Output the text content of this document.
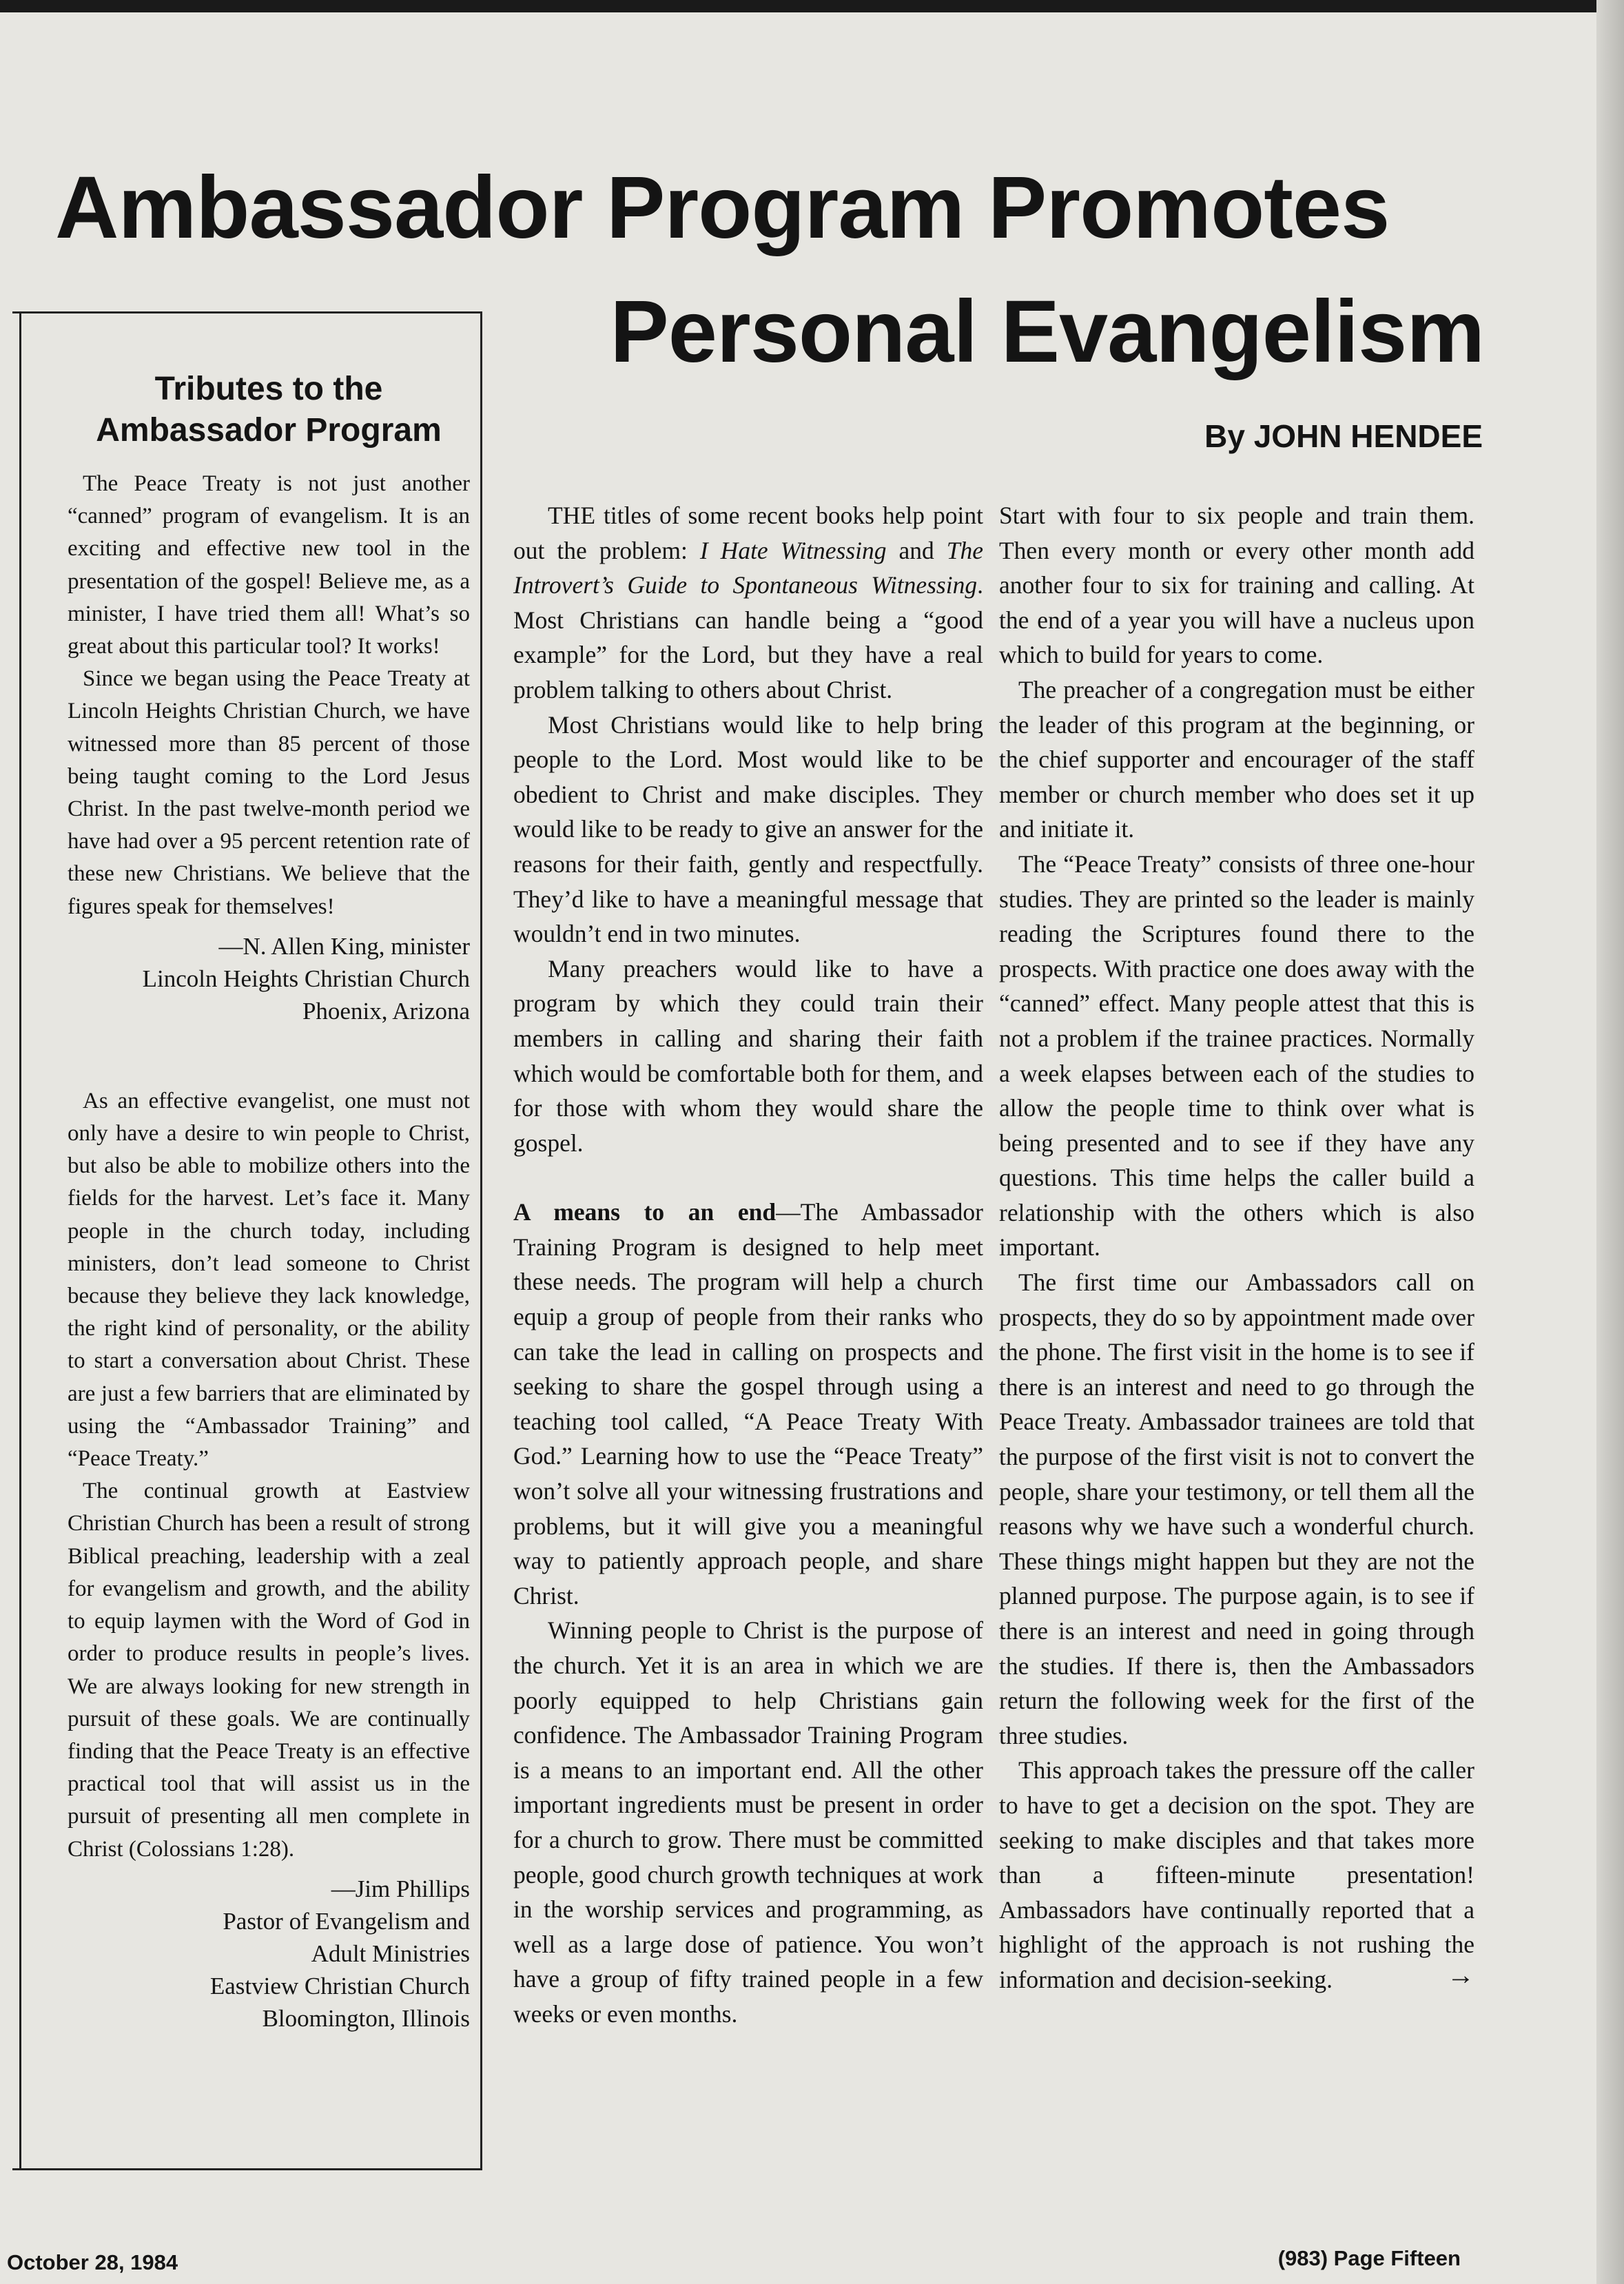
Ambassador Program Promotes
Personal Evangelism

By JOHN HENDEE

Tributes to the
Ambassador Program

The Peace Treaty is not just another “canned” program of evangelism. It is an exciting and effective new tool in the presentation of the gospel! Believe me, as a minister, I have tried them all! What’s so great about this particular tool? It works!

Since we began using the Peace Treaty at Lincoln Heights Christian Church, we have witnessed more than 85 percent of those being taught coming to the Lord Jesus Christ. In the past twelve-month period we have had over a 95 percent retention rate of these new Christians. We believe that the figures speak for themselves!

—N. Allen King, minister

Lincoln Heights Christian Church

Phoenix, Arizona

As an effective evangelist, one must not only have a desire to win people to Christ, but also be able to mobilize others into the fields for the harvest. Let’s face it. Many people in the church today, including ministers, don’t lead someone to Christ because they believe they lack knowledge, the right kind of personality, or the ability to start a conversation about Christ. These are just a few barriers that are eliminated by using the “Ambassador Training” and “Peace Treaty.”

The continual growth at Eastview Christian Church has been a result of strong Biblical preaching, leadership with a zeal for evangelism and growth, and the ability to equip laymen with the Word of God in order to produce results in people’s lives. We are always looking for new strength in pursuit of these goals. We are continually finding that the Peace Treaty is an effective practical tool that will assist us in the pursuit of presenting all men complete in Christ (Colossians 1:28).

—Jim Phillips

Pastor of Evangelism and

Adult Ministries

Eastview Christian Church

Bloomington, Illinois

THE titles of some recent books help point out the problem: I Hate Witnessing and The Introvert’s Guide to Spontaneous Witnessing. Most Christians can handle being a “good example” for the Lord, but they have a real problem talking to others about Christ.

Most Christians would like to help bring people to the Lord. Most would like to be obedient to Christ and make disciples. They would like to be ready to give an answer for the reasons for their faith, gently and respectfully. They’d like to have a meaningful message that wouldn’t end in two minutes.

Many preachers would like to have a program by which they could train their members in calling and sharing their faith which would be comfortable both for them, and for those with whom they would share the gospel.

A means to an end—The Ambassador Training Program is designed to help meet these needs. The program will help a church equip a group of people from their ranks who can take the lead in calling on prospects and seeking to share the gospel through using a teaching tool called, “A Peace Treaty With God.” Learning how to use the “Peace Treaty” won’t solve all your witnessing frustrations and problems, but it will give you a meaningful way to patiently approach people, and share Christ.

Winning people to Christ is the purpose of the church. Yet it is an area in which we are poorly equipped to help Christians gain confidence. The Ambassador Training Program is a means to an important end. All the other important ingredients must be present in order for a church to grow. There must be committed people, good church growth techniques at work in the worship services and programming, as well as a large dose of patience. You won’t have a group of fifty trained people in a few weeks or even months.

Start with four to six people and train them. Then every month or every other month add another four to six for training and calling. At the end of a year you will have a nucleus upon which to build for years to come.

The preacher of a congregation must be either the leader of this program at the beginning, or the chief supporter and encourager of the staff member or church member who does set it up and initiate it.

The “Peace Treaty” consists of three one-hour studies. They are printed so the leader is mainly reading the Scriptures found there to the prospects. With practice one does away with the “canned” effect. Many people attest that this is not a problem if the trainee practices. Normally a week elapses between each of the studies to allow the people time to think over what is being presented and to see if they have any questions. This time helps the caller build a relationship with the others which is also important.

The first time our Ambassadors call on prospects, they do so by appointment made over the phone. The first visit in the home is to see if there is an interest and need to go through the Peace Treaty. Ambassador trainees are told that the purpose of the first visit is not to convert the people, share your testimony, or tell them all the reasons why we have such a wonderful church. These things might happen but they are not the planned purpose. The purpose again, is to see if there is an interest and need in going through the studies. If there is, then the Ambassadors return the following week for the first of the three studies.

This approach takes the pressure off the caller to have to get a decision on the spot. They are seeking to make disciples and that takes more than a fifteen-minute presentation! Ambassadors have continually reported that a highlight of the approach is not rushing the information and decision-seeking.	→

October 28, 1984	(983) Page Fifteen
